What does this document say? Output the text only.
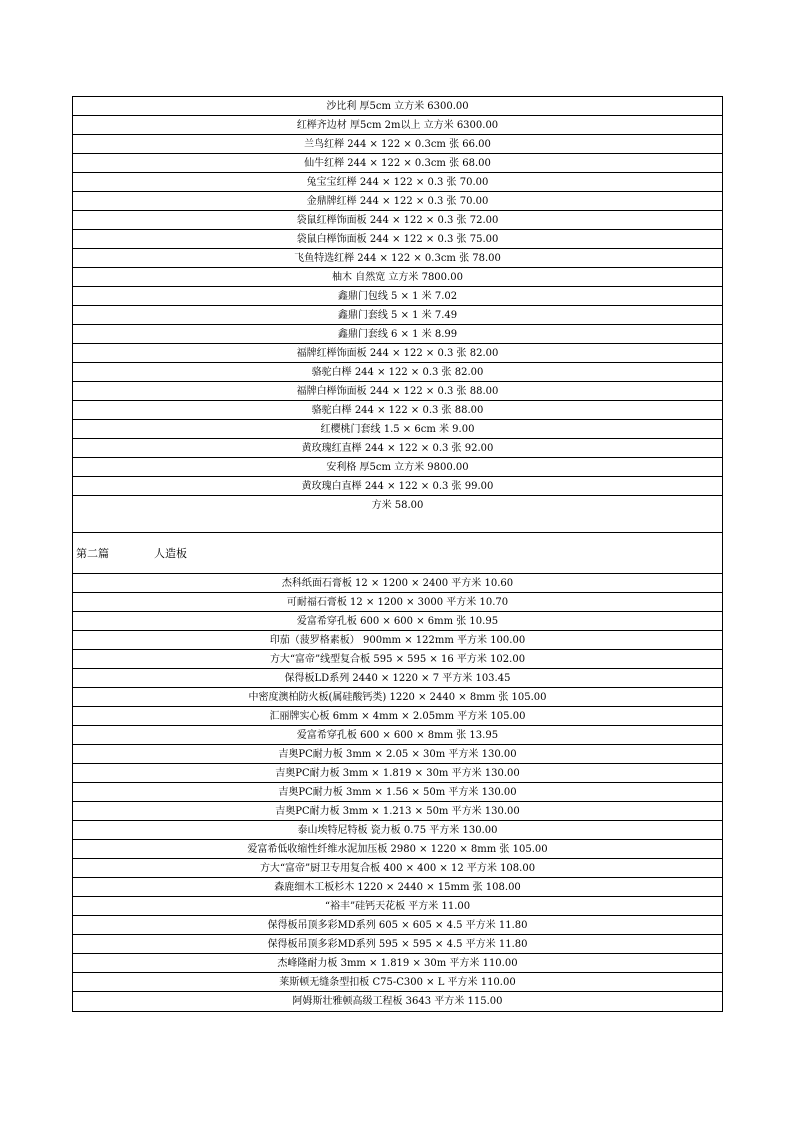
沙比利 厚5cm 立方米 6300.00
红榉齐边材 厚5cm 2m以上 立方米 6300.00
兰鸟红榉 244 × 122 × 0.3cm 张 66.00
仙牛红榉 244 × 122 × 0.3cm 张 68.00
兔宝宝红榉 244 × 122 × 0.3 张 70.00
金鼎牌红榉 244 × 122 × 0.3 张 70.00
袋鼠红榉饰面板 244 × 122 × 0.3 张 72.00
袋鼠白榉饰面板 244 × 122 × 0.3 张 75.00
飞鱼特选红榉 244 × 122 × 0.3cm 张 78.00
柚木 自然宽 立方米 7800.00
鑫鼎门包线 5 × 1 米 7.02
鑫鼎门套线 5 × 1 米 7.49
鑫鼎门套线 6 × 1 米 8.99
福牌红榉饰面板 244 × 122 × 0.3 张 82.00
骆驼白榉 244 × 122 × 0.3 张 82.00
福牌白榉饰面板 244 × 122 × 0.3 张 88.00
骆驼白榉 244 × 122 × 0.3 张 88.00
红樱桃门套线 1.5 × 6cm 米 9.00
黄玫瑰红直榉 244 × 122 × 0.3 张 92.00
安利格 厚5cm 立方米 9800.00
黄玫瑰白直榉 244 × 122 × 0.3 张 99.00
方米 58.00
第二篇	人造板
杰科纸面石膏板 12 × 1200 × 2400 平方米 10.60
可耐福石膏板 12 × 1200 × 3000 平方米 10.70
爱富希穿孔板 600 × 600 × 6mm 张 10.95
印茄（菠罗格素板） 900mm × 122mm 平方米 100.00
方大“富帝”线型复合板 595 × 595 × 16 平方米 102.00
保得板LD系列 2440 × 1220 × 7 平方米 103.45
中密度澳柏防火板(属硅酸钙类) 1220 × 2440 × 8mm 张 105.00
汇丽牌实心板 6mm × 4mm × 2.05mm 平方米 105.00
爱富希穿孔板 600 × 600 × 8mm 张 13.95
吉奥PC耐力板 3mm × 2.05 × 30m 平方米 130.00
吉奥PC耐力板 3mm × 1.819 × 30m 平方米 130.00
吉奥PC耐力板 3mm × 1.56 × 50m 平方米 130.00
吉奥PC耐力板 3mm × 1.213 × 50m 平方米 130.00
泰山埃特尼特板 瓷力板 0.75 平方米 130.00
爱富希低收缩性纤维水泥加压板 2980 × 1220 × 8mm 张 105.00
方大“富帝”厨卫专用复合板 400 × 400 × 12 平方米 108.00
森鹿细木工板杉木 1220 × 2440 × 15mm 张 108.00
“裕丰”硅钙天花板 平方米 11.00
保得板吊顶多彩MD系列 605 × 605 × 4.5 平方米 11.80
保得板吊顶多彩MD系列 595 × 595 × 4.5 平方米 11.80
杰峰隆耐力板 3mm × 1.819 × 30m 平方米 110.00
莱斯顿无缝条型扣板 C75-C300 × L 平方米 110.00
阿姆斯壮雅顿高级工程板 3643 平方米 115.00
